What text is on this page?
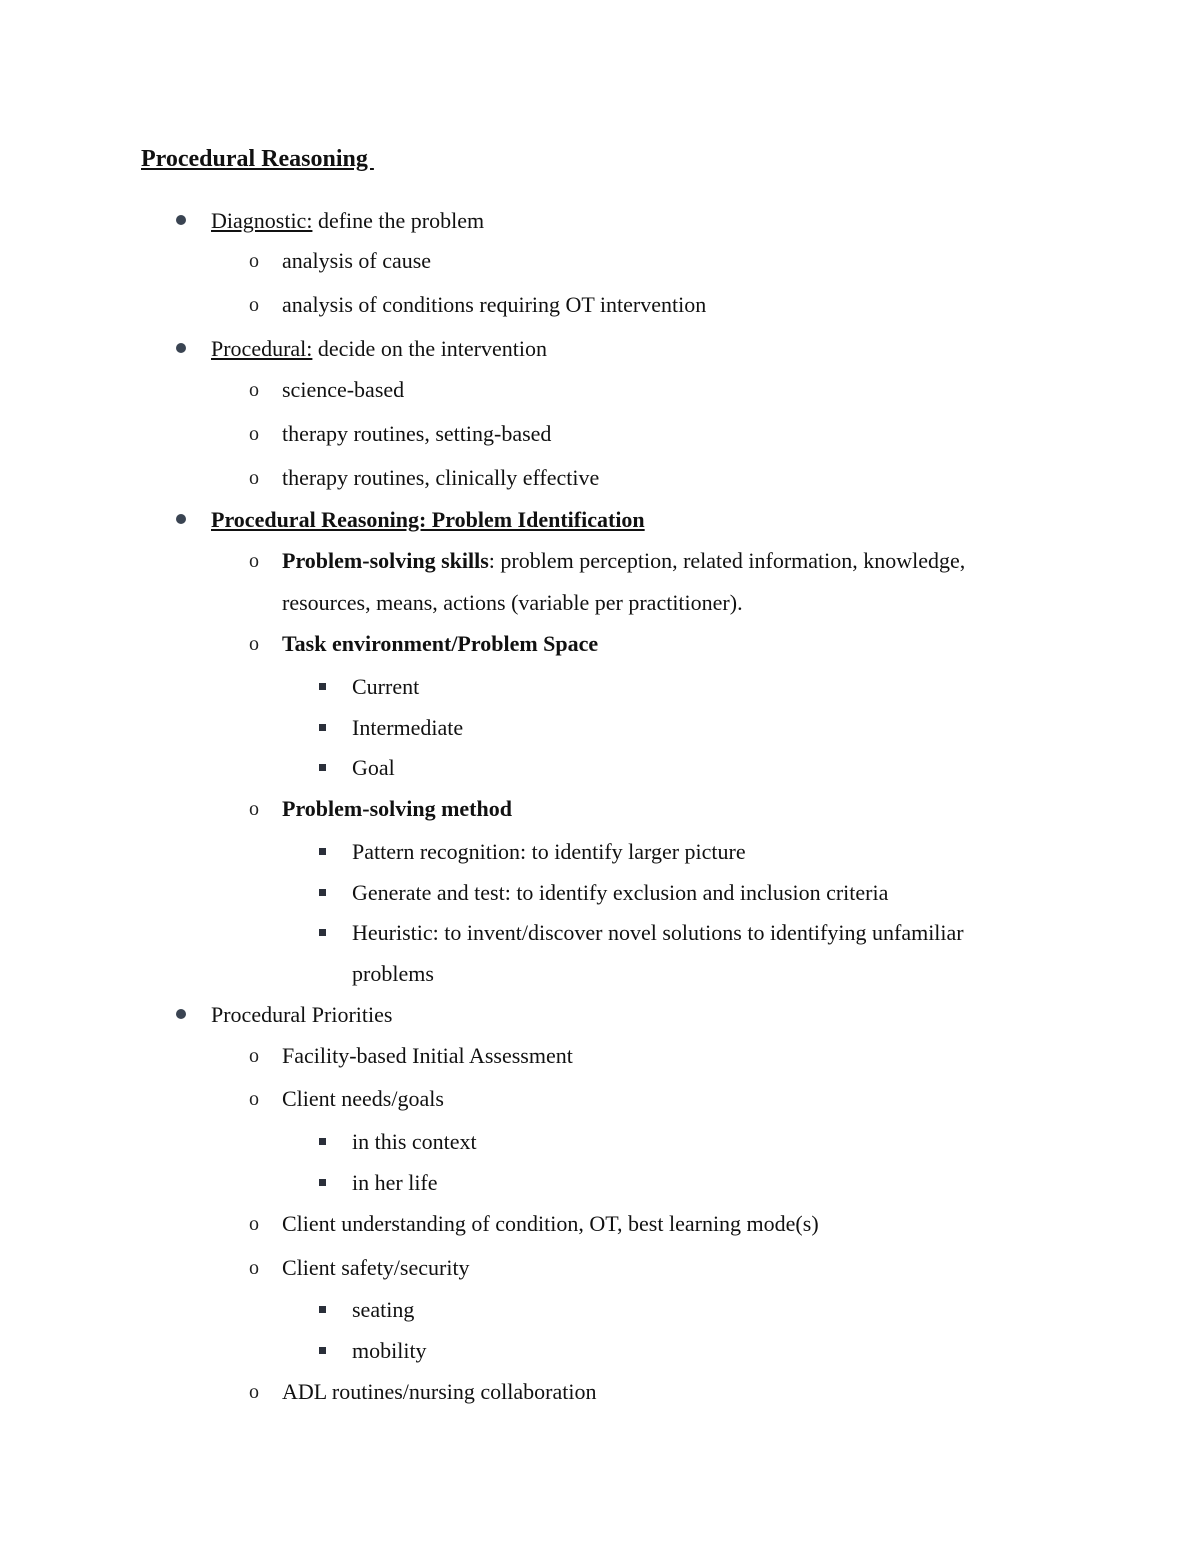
Procedural Reasoning
Diagnostic: define the problem
o analysis of cause
o analysis of conditions requiring OT intervention
Procedural: decide on the intervention
o science-based
o therapy routines, setting-based
o therapy routines, clinically effective
Procedural Reasoning: Problem Identification
o Problem-solving skills: problem perception, related information, knowledge,
resources, means, actions (variable per practitioner).
o Task environment/Problem Space
Current
Intermediate
Goal
o Problem-solving method
Pattern recognition: to identify larger picture
Generate and test: to identify exclusion and inclusion criteria
Heuristic: to invent/discover novel solutions to identifying unfamiliar
problems
Procedural Priorities
o Facility-based Initial Assessment
o Client needs/goals
in this context
in her life
o Client understanding of condition, OT, best learning mode(s)
o Client safety/security
seating
mobility
o ADL routines/nursing collaboration
